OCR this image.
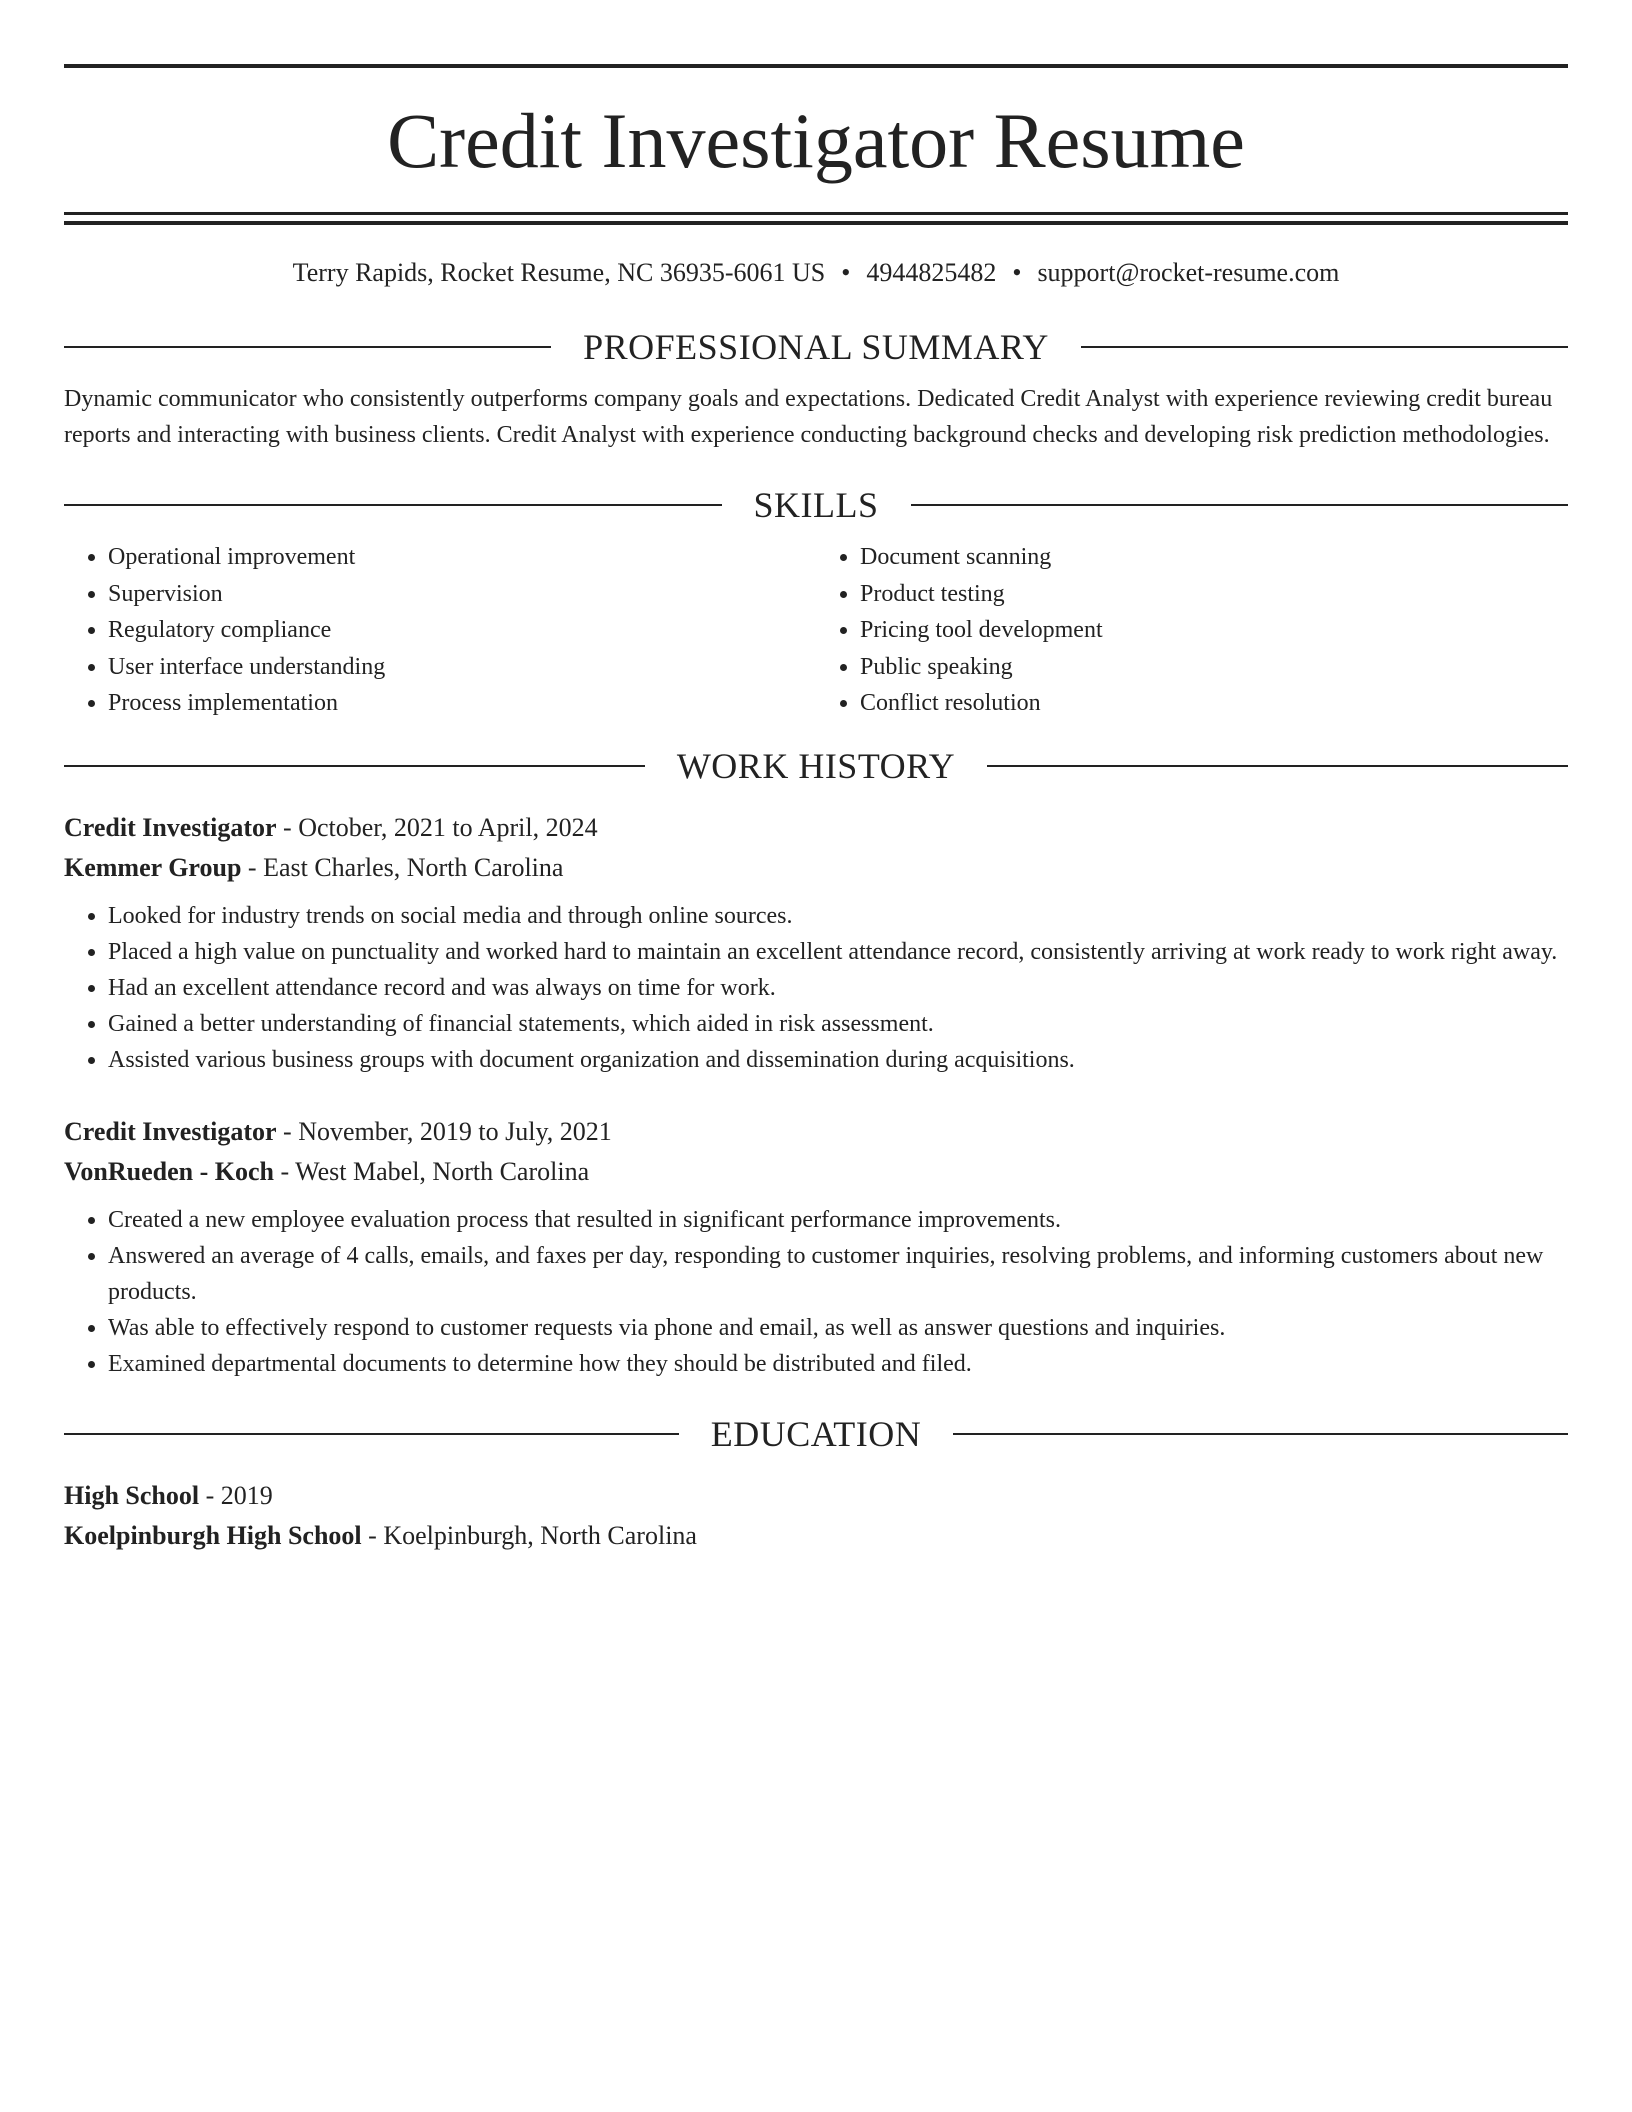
Credit Investigator Resume
Terry Rapids, Rocket Resume, NC 36935-6061 US • 4944825482 • support@rocket-resume.com
PROFESSIONAL SUMMARY

Dynamic communicator who consistently outperforms company goals and expectations. Dedicated Credit Analyst with experience reviewing credit bureau reports and interacting with business clients. Credit Analyst with experience conducting background checks and developing risk prediction methodologies.

SKILLS
• Operational improvement
• Supervision
• Regulatory compliance
• User interface understanding
• Process implementation
• Document scanning
• Product testing
• Pricing tool development
• Public speaking
• Conflict resolution
WORK HISTORY
Credit Investigator - October, 2021 to April, 2024
Kemmer Group - East Charles, North Carolina
• Looked for industry trends on social media and through online sources.
• Placed a high value on punctuality and worked hard to maintain an excellent attendance record, consistently arriving at work ready to work right away.
• Had an excellent attendance record and was always on time for work.
• Gained a better understanding of financial statements, which aided in risk assessment.
• Assisted various business groups with document organization and dissemination during acquisitions.
Credit Investigator - November, 2019 to July, 2021
VonRueden - Koch - West Mabel, North Carolina
• Created a new employee evaluation process that resulted in significant performance improvements.
• Answered an average of 4 calls, emails, and faxes per day, responding to customer inquiries, resolving problems, and informing customers about new products.
• Was able to effectively respond to customer requests via phone and email, as well as answer questions and inquiries.
• Examined departmental documents to determine how they should be distributed and filed.
EDUCATION
High School - 2019
Koelpinburgh High School - Koelpinburgh, North Carolina
